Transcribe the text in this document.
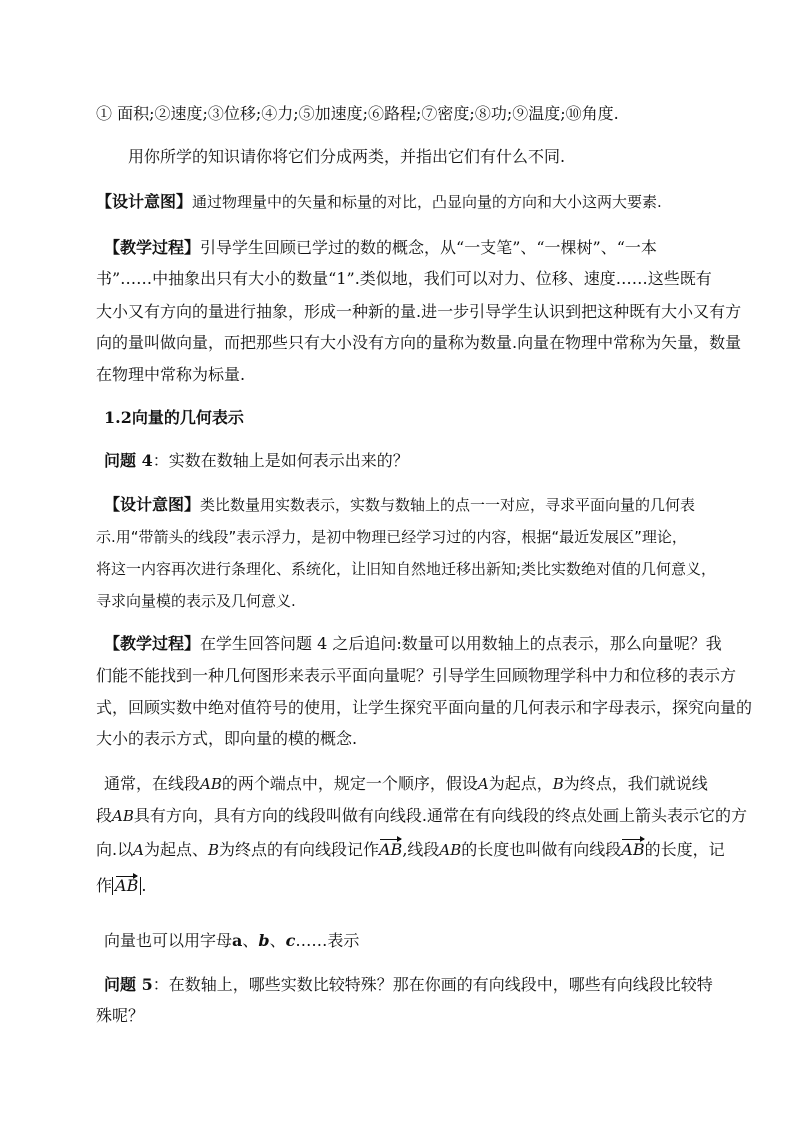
① 面积;②速度;③位移;④力;⑤加速度;⑥路程;⑦密度;⑧功;⑨温度;⑩角度.
用你所学的知识请你将它们分成两类，并指出它们有什么不同.
【设计意图】通过物理量中的矢量和标量的对比，凸显向量的方向和大小这两大要素.
【教学过程】引导学生回顾已学过的数的概念，从“一支笔”、“一棵树”、“一本
书”……中抽象出只有大小的数量“1”.类似地，我们可以对力、位移、速度……这些既有
大小又有方向的量进行抽象，形成一种新的量.进一步引导学生认识到把这种既有大小又有方
向的量叫做向量，而把那些只有大小没有方向的量称为数量.向量在物理中常称为矢量，数量
在物理中常称为标量.
1.2向量的几何表示
问题 4：实数在数轴上是如何表示出来的？
【设计意图】类比数量用实数表示，实数与数轴上的点一一对应，寻求平面向量的几何表
示.用“带箭头的线段”表示浮力，是初中物理已经学习过的内容，根据“最近发展区”理论，
将这一内容再次进行条理化、系统化，让旧知自然地迁移出新知;类比实数绝对值的几何意义，
寻求向量模的表示及几何意义.
【教学过程】在学生回答问题 4 之后追问:数量可以用数轴上的点表示，那么向量呢？我
们能不能找到一种几何图形来表示平面向量呢？引导学生回顾物理学科中力和位移的表示方
式，回顾实数中绝对值符号的使用，让学生探究平面向量的几何表示和字母表示，探究向量的
大小的表示方式，即向量的模的概念.
通常，在线段AB的两个端点中，规定一个顺序，假设A为起点，B为终点，我们就说线
段AB具有方向，具有方向的线段叫做有向线段.通常在有向线段的终点处画上箭头表示它的方
向.以A为起点、B为终点的有向线段记作AB,线段AB的长度也叫做有向线段AB的长度，记
作 AB .
向量也可以用字母a、b、c……表示
问题 5：在数轴上，哪些实数比较特殊？那在你画的有向线段中，哪些有向线段比较特
殊呢？
